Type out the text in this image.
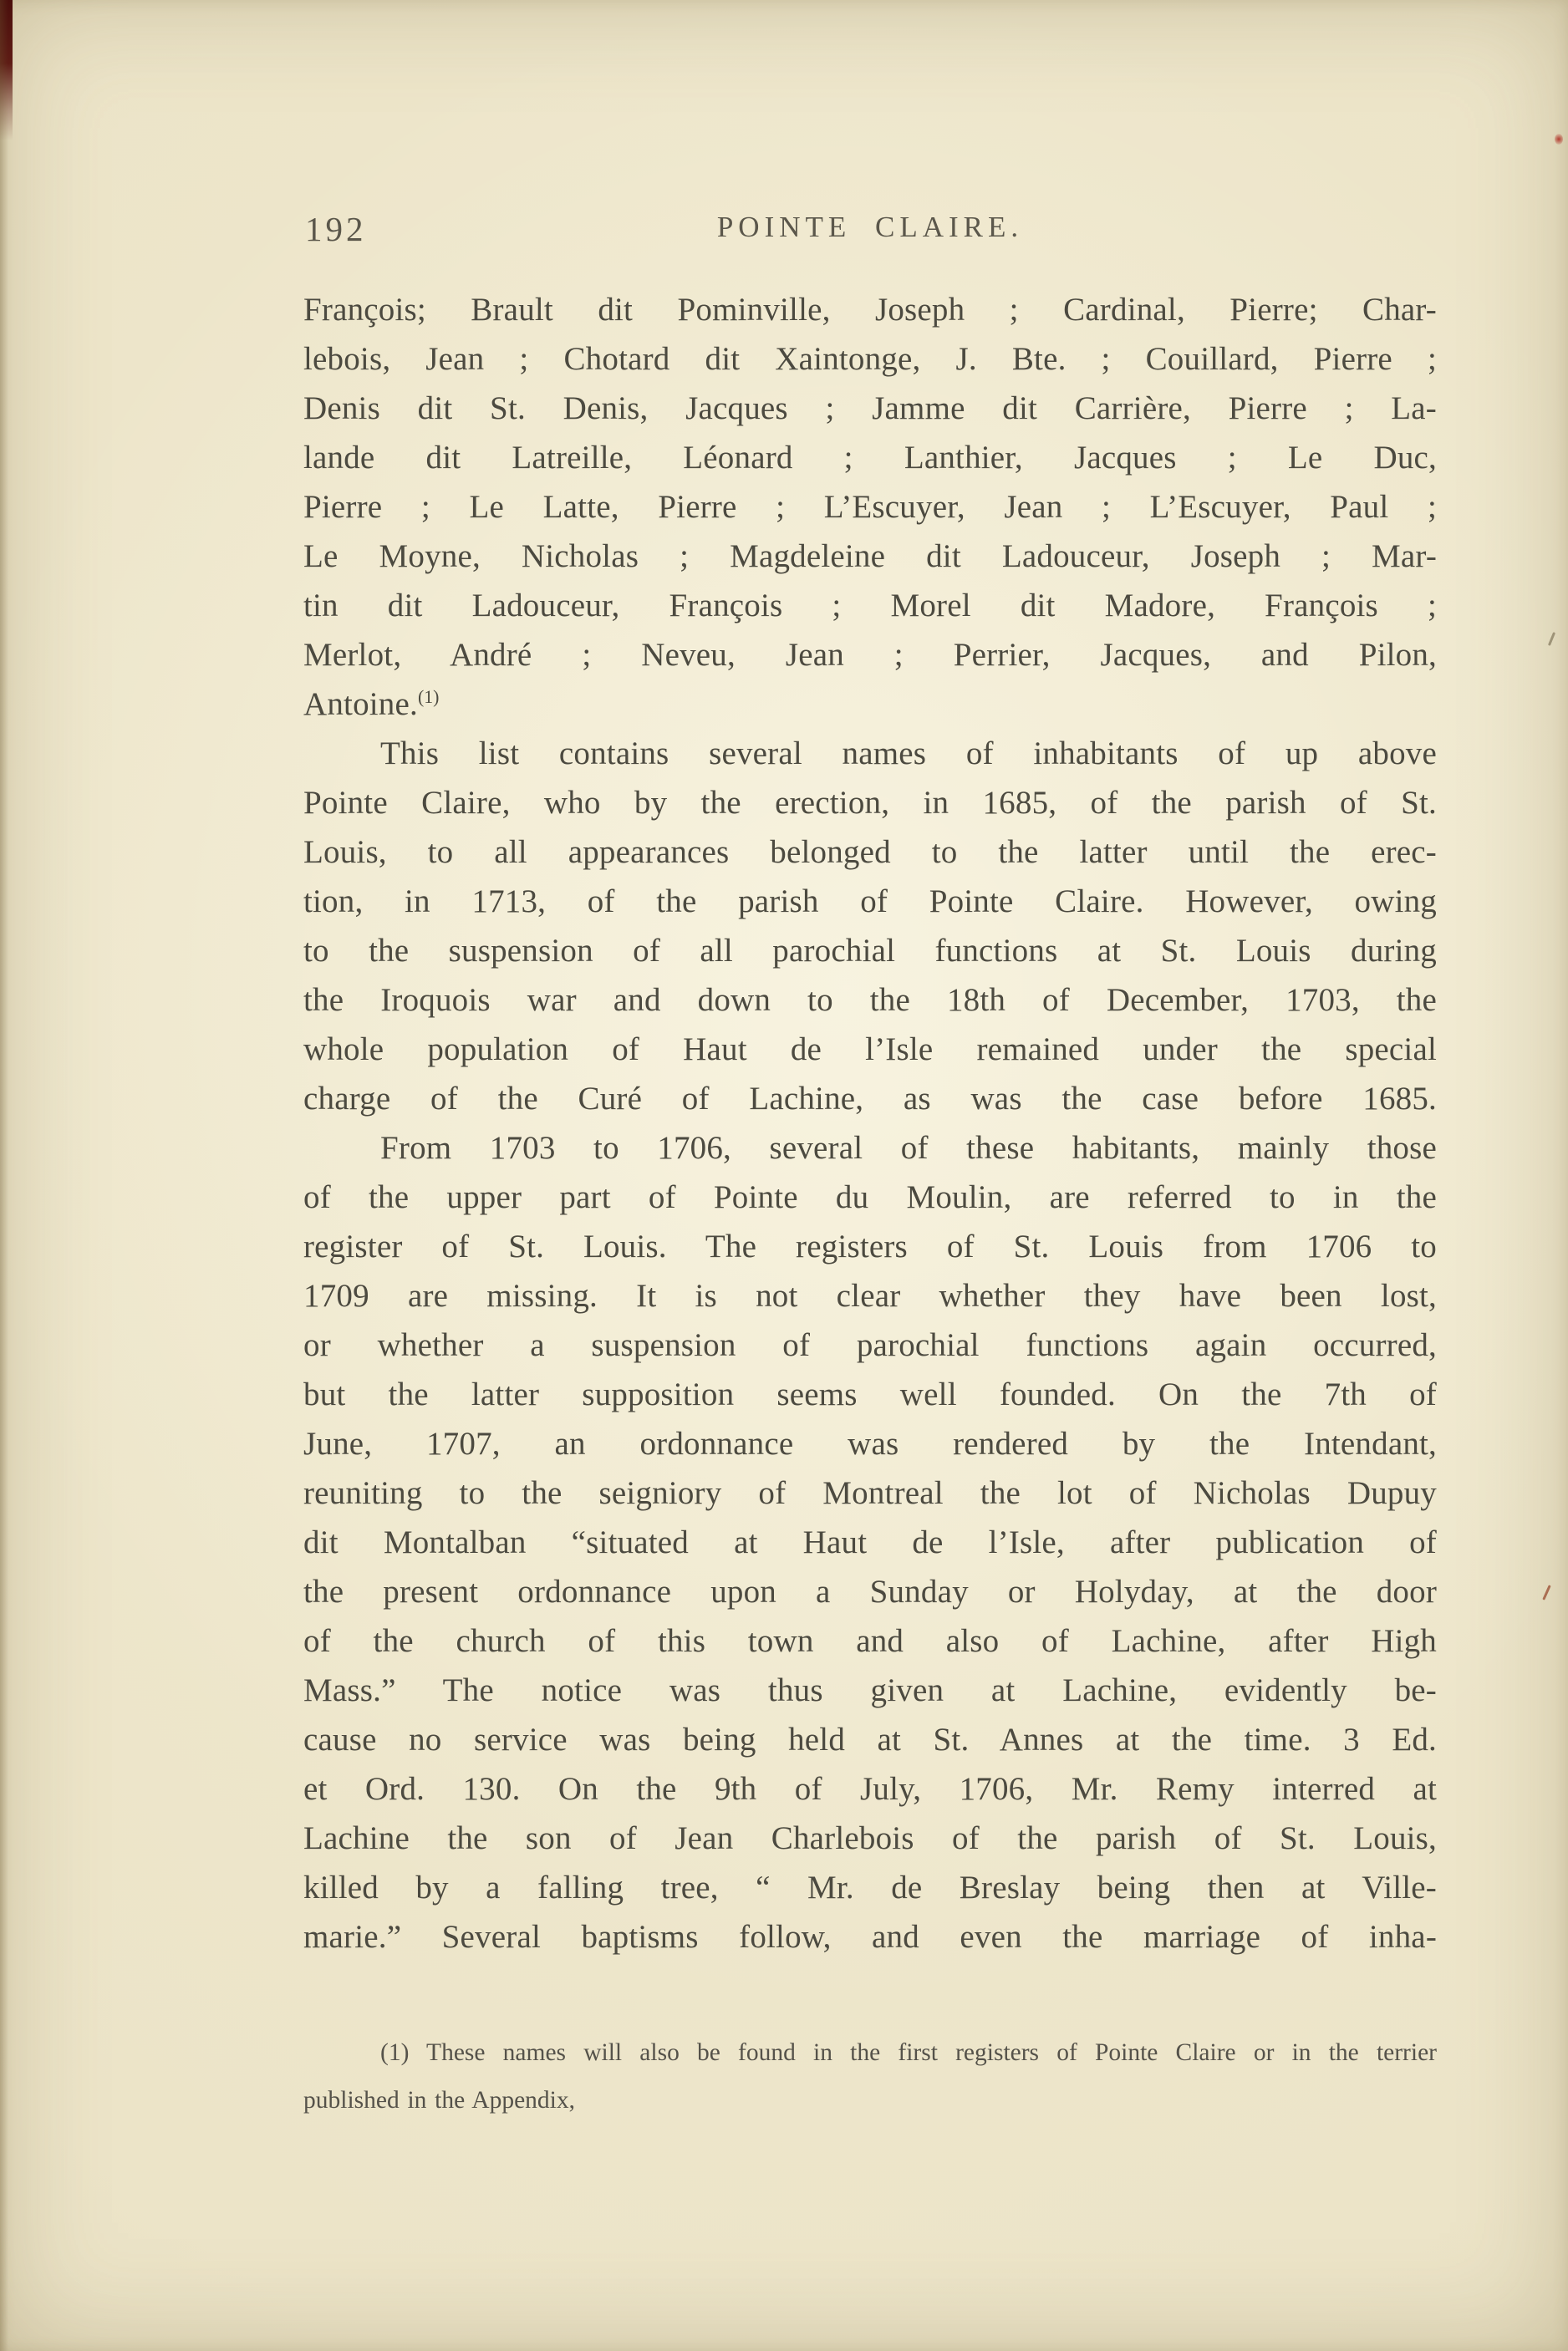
192	POINTE CLAIRE.
François; Brault dit Pominville, Joseph ; Cardinal, Pierre; Char-
lebois, Jean ; Chotard dit Xaintonge, J. Bte. ; Couillard, Pierre ;
Denis dit St. Denis, Jacques ; Jamme dit Carrière, Pierre ; La-
lande dit Latreille, Léonard ; Lanthier, Jacques ; Le Duc,
Pierre ; Le Latte, Pierre ; L’Escuyer, Jean ; L’Escuyer, Paul ;
Le Moyne, Nicholas ; Magdeleine dit Ladouceur, Joseph ; Mar-
tin dit Ladouceur, François ; Morel dit Madore, François ;
Merlot, André ; Neveu, Jean ; Perrier, Jacques, and Pilon,
Antoine.$^{(1)}$
This list contains several names of inhabitants of up above
Pointe Claire, who by the erection, in 1685, of the parish of St.
Louis, to all appearances belonged to the latter until the erec-
tion, in 1713, of the parish of Pointe Claire. However, owing
to the suspension of all parochial functions at St. Louis during
the Iroquois war and down to the 18th of December, 1703, the
whole population of Haut de l’Isle remained under the special
charge of the Curé of Lachine, as was the case before 1685.
From 1703 to 1706, several of these habitants, mainly those
of the upper part of Pointe du Moulin, are referred to in the
register of St. Louis. The registers of St. Louis from 1706 to
1709 are missing. It is not clear whether they have been lost,
or whether a suspension of parochial functions again occurred,
but the latter supposition seems well founded. On the 7th of
June, 1707, an ordonnance was rendered by the Intendant,
reuniting to the seigniory of Montreal the lot of Nicholas Dupuy
dit Montalban “situated at Haut de l’Isle, after publication of
the present ordonnance upon a Sunday or Holyday, at the door
of the church of this town and also of Lachine, after High
Mass.” The notice was thus given at Lachine, evidently be-
cause no service was being held at St. Annes at the time. 3 Ed.
et Ord. 130. On the 9th of July, 1706, Mr. Remy interred at
Lachine the son of Jean Charlebois of the parish of St. Louis,
killed by a falling tree, “ Mr. de Breslay being then at Ville-
marie.” Several baptisms follow, and even the marriage of inha-
(1) These names will also be found in the first registers of Pointe Claire or in the terrier
published in the Appendix,
